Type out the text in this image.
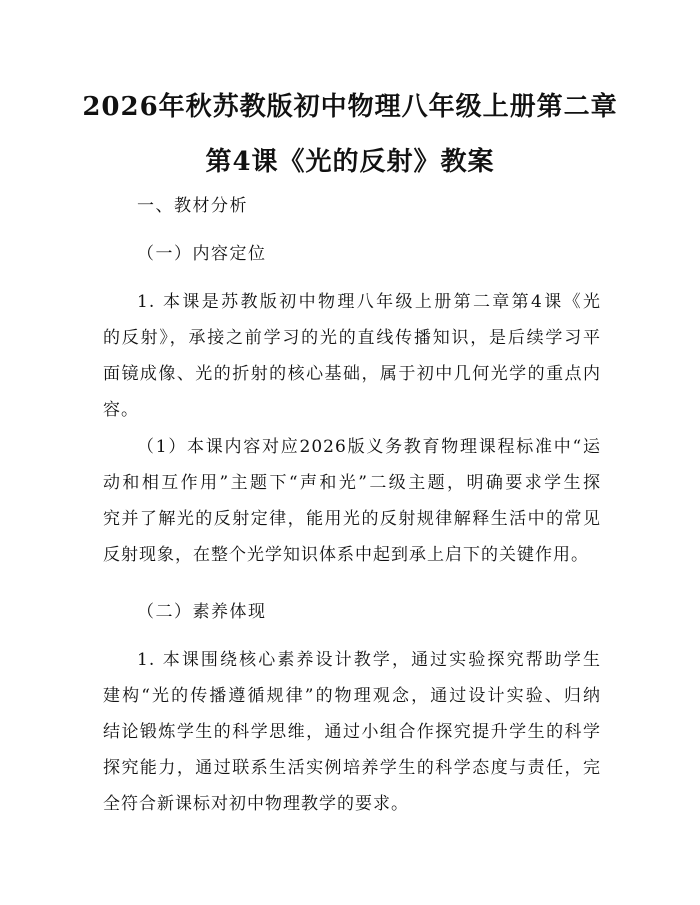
2026年秋苏教版初中物理八年级上册第二章
第4课《光的反射》教案
一、教材分析
（一）内容定位
1. 本课是苏教版初中物理八年级上册第二章第4课《光
的反射》，承接之前学习的光的直线传播知识，是后续学习平
面镜成像、光的折射的核心基础，属于初中几何光学的重点内
容。
（1）本课内容对应2026版义务教育物理课程标准中“运
动和相互作用”主题下“声和光”二级主题，明确要求学生探
究并了解光的反射定律，能用光的反射规律解释生活中的常见
反射现象，在整个光学知识体系中起到承上启下的关键作用。
（二）素养体现
1. 本课围绕核心素养设计教学，通过实验探究帮助学生
建构“光的传播遵循规律”的物理观念，通过设计实验、归纳
结论锻炼学生的科学思维，通过小组合作探究提升学生的科学
探究能力，通过联系生活实例培养学生的科学态度与责任，完
全符合新课标对初中物理教学的要求。
